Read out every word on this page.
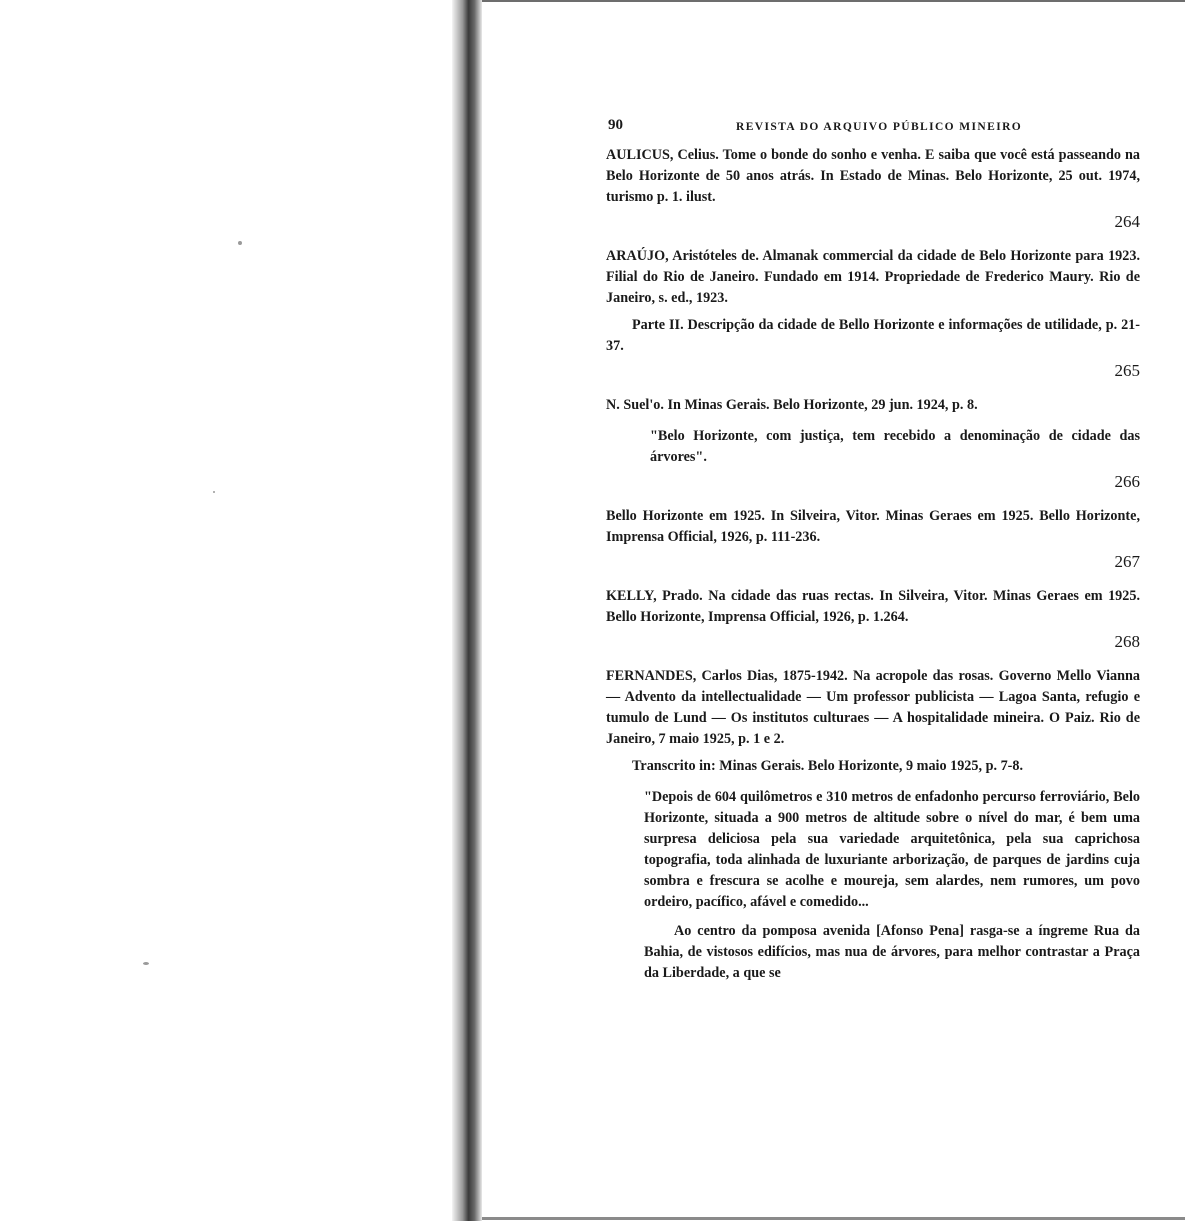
90	REVISTA DO ARQUIVO PÚBLICO MINEIRO

AULICUS, Celius. Tome o bonde do sonho e venha. E saiba que você está passeando na Belo Horizonte de 50 anos atrás. In Estado de Minas. Belo Horizonte, 25 out. 1974, turismo p. 1. ilust.

264

ARAÚJO, Aristóteles de. Almanak commercial da cidade de Belo Horizonte para 1923. Filial do Rio de Janeiro. Fundado em 1914. Propriedade de Frederico Maury. Rio de Janeiro, s. ed., 1923.

Parte II. Descripção da cidade de Bello Horizonte e informações de utilidade, p. 21-37.

265

N. Suel'o. In Minas Gerais. Belo Horizonte, 29 jun. 1924, p. 8.

"Belo Horizonte, com justiça, tem recebido a denominação de cidade das árvores".

266

Bello Horizonte em 1925. In Silveira, Vitor. Minas Geraes em 1925. Bello Horizonte, Imprensa Official, 1926, p. 111-236.

267

KELLY, Prado. Na cidade das ruas rectas. In Silveira, Vitor. Minas Geraes em 1925. Bello Horizonte, Imprensa Official, 1926, p. 1.264.

268

FERNANDES, Carlos Dias, 1875-1942. Na acropole das rosas. Governo Mello Vianna — Advento da intellectualidade — Um professor publicista — Lagoa Santa, refugio e tumulo de Lund — Os institutos culturaes — A hospitalidade mineira. O Paiz. Rio de Janeiro, 7 maio 1925, p. 1 e 2.

Transcrito in: Minas Gerais. Belo Horizonte, 9 maio 1925, p. 7-8.

"Depois de 604 quilômetros e 310 metros de enfadonho percurso ferroviário, Belo Horizonte, situada a 900 metros de altitude sobre o nível do mar, é bem uma surpresa deliciosa pela sua variedade arquitetônica, pela sua caprichosa topografia, toda alinhada de luxuriante arborização, de parques de jardins cuja sombra e frescura se acolhe e moureja, sem alardes, nem rumores, um povo ordeiro, pacífico, afável e comedido...

Ao centro da pomposa avenida [Afonso Pena] rasga-se a íngreme Rua da Bahia, de vistosos edifícios, mas nua de árvores, para melhor contrastar a Praça da Liberdade, a que se
